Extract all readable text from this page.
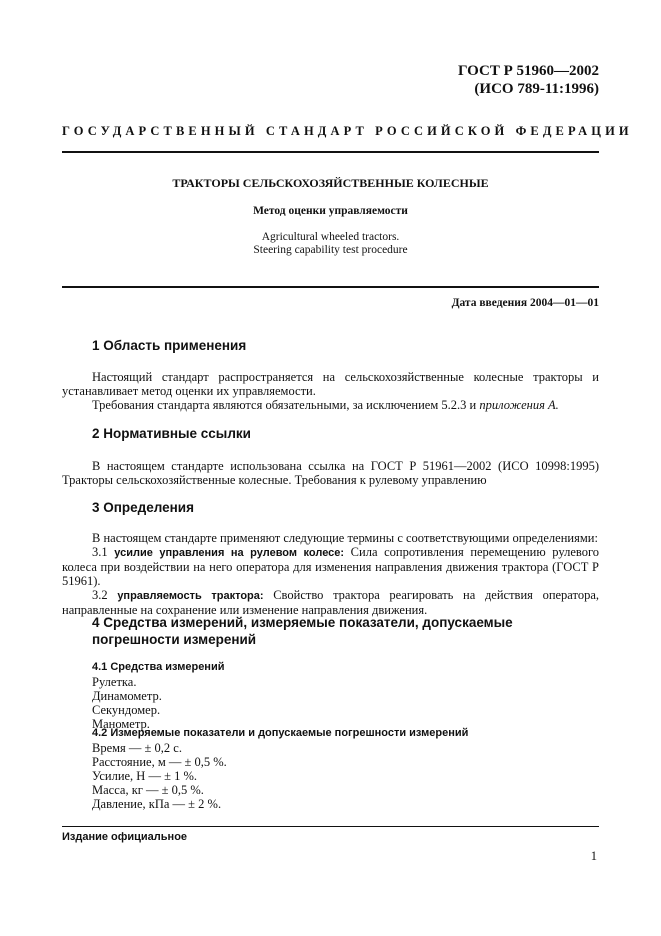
ГОСТ Р 51960—2002
(ИСО 789-11:1996)
ГОСУДАРСТВЕННЫЙ СТАНДАРТ РОССИЙСКОЙ ФЕДЕРАЦИИ
ТРАКТОРЫ СЕЛЬСКОХОЗЯЙСТВЕННЫЕ КОЛЕСНЫЕ
Метод оценки управляемости
Agricultural wheeled tractors.
Steering capability test procedure
Дата введения 2004—01—01
1 Область применения
Настоящий стандарт распространяется на сельскохозяйственные колесные тракторы и устанавливает метод оценки их управляемости.
Требования стандарта являются обязательными, за исключением 5.2.3 и приложения А.
2 Нормативные ссылки
В настоящем стандарте использована ссылка на ГОСТ Р 51961—2002 (ИСО 10998:1995) Тракторы сельскохозяйственные колесные. Требования к рулевому управлению
3 Определения
В настоящем стандарте применяют следующие термины с соответствующими определениями:
3.1 усилие управления на рулевом колесе: Сила сопротивления перемещению рулевого колеса при воздействии на него оператора для изменения направления движения трактора (ГОСТ Р 51961).
3.2 управляемость трактора: Свойство трактора реагировать на действия оператора, направленные на сохранение или изменение направления движения.
4 Средства измерений, измеряемые показатели, допускаемые погрешности измерений
4.1 Средства измерений
Рулетка.
Динамометр.
Секундомер.
Манометр.
4.2 Измеряемые показатели и допускаемые погрешности измерений
Время — ± 0,2 с.
Расстояние, м — ± 0,5 %.
Усилие, Н — ± 1 %.
Масса, кг — ± 0,5 %.
Давление, кПа — ± 2 %.
Издание официальное
1
